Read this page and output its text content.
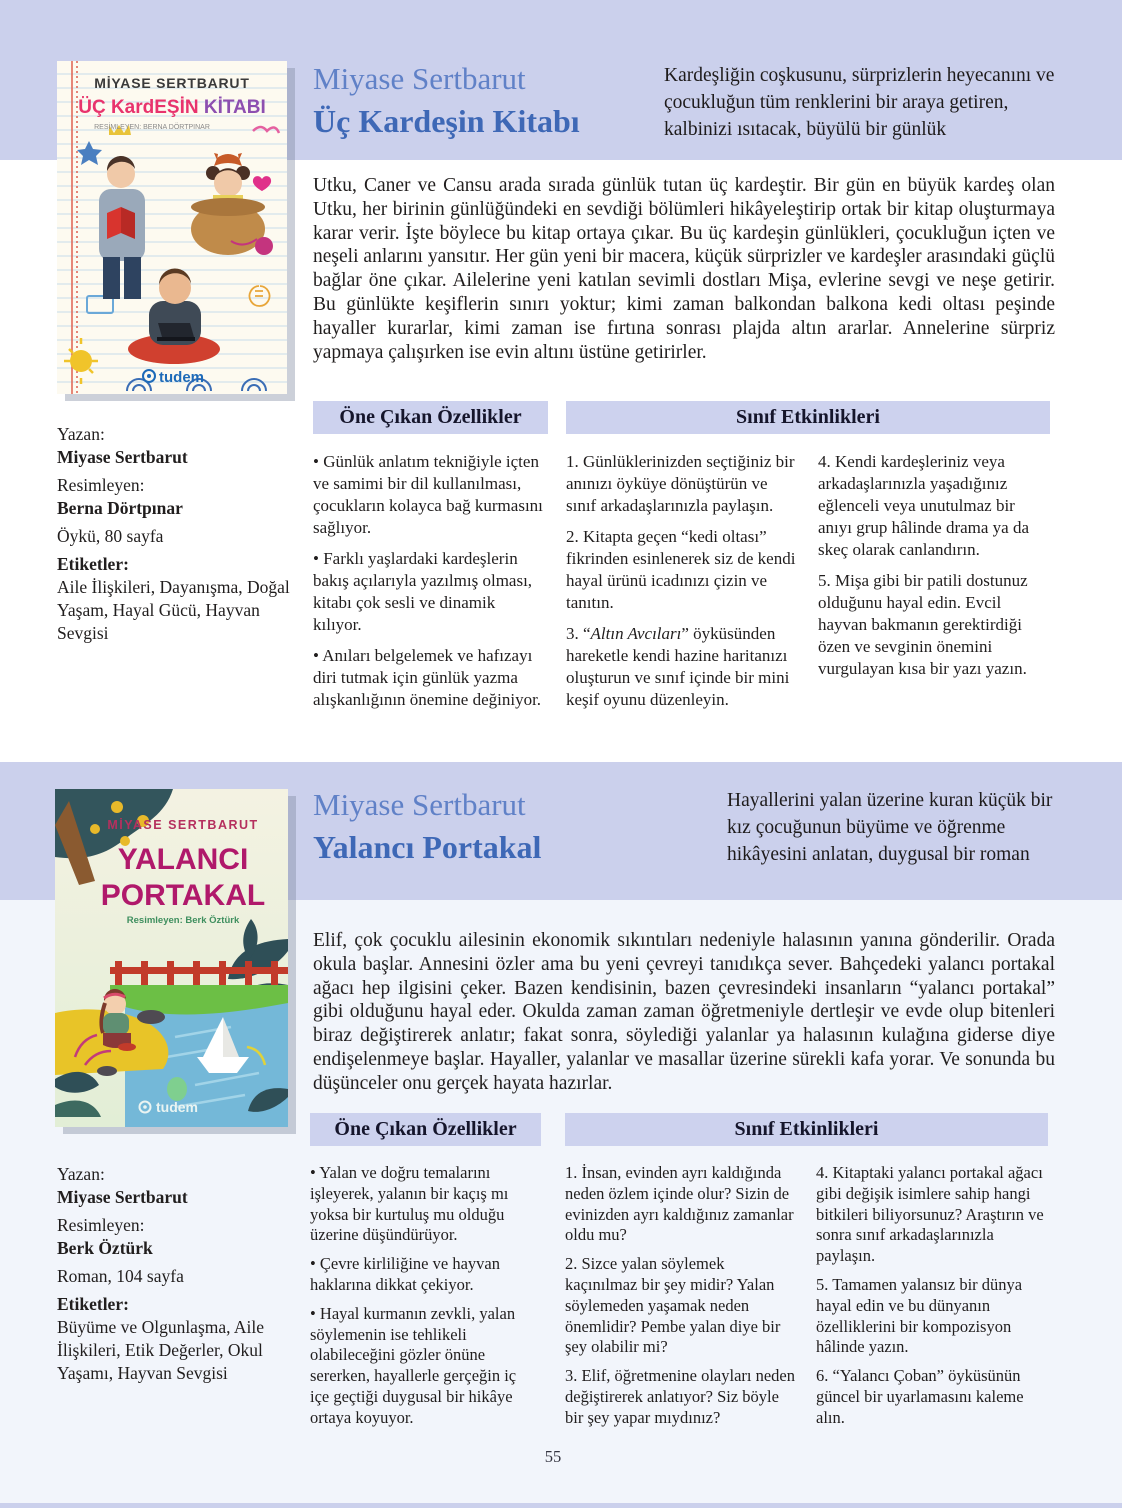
MİYASE SERTBARUT
ÜÇ KardEŞİN KİTABI
RESİMLEYEN: BERNA DÖRTPINAR
tudem
Miyase Sertbarut
Üç Kardeşin Kitabı
Kardeşliğin coşkusunu, sürprizlerin heyecanını ve çocukluğun tüm renklerini bir araya getiren, kalbinizi ısıtacak, büyülü bir günlük
Utku, Caner ve Cansu arada sırada günlük tutan üç kardeştir. Bir gün en büyük kardeş olan Utku, her birinin günlüğündeki en sevdiği bölümleri hikâyeleştirip ortak bir kitap oluşturmaya karar verir. İşte böylece bu kitap ortaya çıkar. Bu üç kardeşin günlükleri, çocukluğun içten ve neşeli anlarını yansıtır. Her gün yeni bir macera, küçük sürprizler ve kardeşler arasındaki güçlü bağlar öne çıkar. Ailelerine yeni katılan sevimli dostları Mişa, evlerine sevgi ve neşe getirir. Bu günlükte keşiflerin sınırı yoktur; kimi zaman balkondan balkona kedi oltası peşinde hayaller kurarlar, kimi zaman ise fırtına sonrası plajda altın ararlar. Annelerine sürpriz yapmaya çalışırken ise evin altını üstüne getirirler.
Yazan:
Miyase Sertbarut
Resimleyen:
Berna Dörtpınar
Öykü, 80 sayfa
Etiketler:
Aile İlişkileri, Dayanışma, Doğal Yaşam, Hayal Gücü, Hayvan Sevgisi
Öne Çıkan Özellikler	Sınıf Etkinlikleri

• Günlük anlatım tekniğiyle içten ve samimi bir dil kullanılması, çocukların kolayca bağ kurmasını sağlıyor.

• Farklı yaşlardaki kardeşlerin bakış açılarıyla yazılmış olması, kitabı çok sesli ve dinamik kılıyor.

• Anıları belgelemek ve hafızayı diri tutmak için günlük yazma alışkanlığının önemine değiniyor.

1. Günlüklerinizden seçtiğiniz bir anınızı öyküye dönüştürün ve sınıf arkadaşlarınızla paylaşın.

2. Kitapta geçen “kedi oltası” fikrinden esinlenerek siz de kendi hayal ürünü icadınızı çizin ve tanıtın.

3. “Altın Avcıları” öyküsünden hareketle kendi hazine haritanızı oluşturun ve sınıf içinde bir mini keşif oyunu düzenleyin.

4. Kendi kardeşleriniz veya arkadaşlarınızla yaşadığınız eğlenceli veya unutulmaz bir anıyı grup hâlinde drama ya da skeç olarak canlandırın.

5. Mişa gibi bir patili dostunuz olduğunu hayal edin. Evcil hayvan bakmanın gerektirdiği özen ve sevginin önemini vurgulayan kısa bir yazı yazın.

MİYASE SERTBARUT
YALANCI
PORTAKAL
Resimleyen: Berk Öztürk
tudem
Miyase Sertbarut
Yalancı Portakal
Hayallerini yalan üzerine kuran küçük bir kız çocuğunun büyüme ve öğrenme hikâyesini anlatan, duygusal bir roman
Elif, çok çocuklu ailesinin ekonomik sıkıntıları nedeniyle halasının yanına gönderilir. Orada okula başlar. Annesini özler ama bu yeni çevreyi tanıdıkça sever. Bahçedeki yalancı portakal ağacı hep ilgisini çeker. Bazen kendisinin, bazen çevresindeki insanların “yalancı portakal” gibi olduğunu hayal eder. Okulda zaman zaman öğretmeniyle dertleşir ve evde olup bitenleri biraz değiştirerek anlatır; fakat sonra, söylediği yalanlar ya halasının kulağına giderse diye endişelenmeye başlar. Hayaller, yalanlar ve masallar üzerine sürekli kafa yorar. Ve sonunda bu düşünceler onu gerçek hayata hazırlar.
Yazan:
Miyase Sertbarut
Resimleyen:
Berk Öztürk
Roman, 104 sayfa
Etiketler:
Büyüme ve Olgunlaşma, Aile İlişkileri, Etik Değerler, Okul Yaşamı, Hayvan Sevgisi
Öne Çıkan Özellikler	Sınıf Etkinlikleri

• Yalan ve doğru temalarını işleyerek, yalanın bir kaçış mı yoksa bir kurtuluş mu olduğu üzerine düşündürüyor.

• Çevre kirliliğine ve hayvan haklarına dikkat çekiyor.

• Hayal kurmanın zevkli, yalan söylemenin ise tehlikeli olabileceğini gözler önüne sererken, hayallerle gerçeğin iç içe geçtiği duygusal bir hikâye ortaya koyuyor.

1. İnsan, evinden ayrı kaldığında neden özlem içinde olur? Sizin de evinizden ayrı kaldığınız zamanlar oldu mu?

2. Sizce yalan söylemek kaçınılmaz bir şey midir? Yalan söylemeden yaşamak neden önemlidir? Pembe yalan diye bir şey olabilir mi?

3. Elif, öğretmenine olayları neden değiştirerek anlatıyor? Siz böyle bir şey yapar mıydınız?

4. Kitaptaki yalancı portakal ağacı gibi değişik isimlere sahip hangi bitkileri biliyorsunuz? Araştırın ve sonra sınıf arkadaşlarınızla paylaşın.

5. Tamamen yalansız bir dünya hayal edin ve bu dünyanın özelliklerini bir kompozisyon hâlinde yazın.

6. “Yalancı Çoban” öyküsünün güncel bir uyarlamasını kaleme alın.

55
